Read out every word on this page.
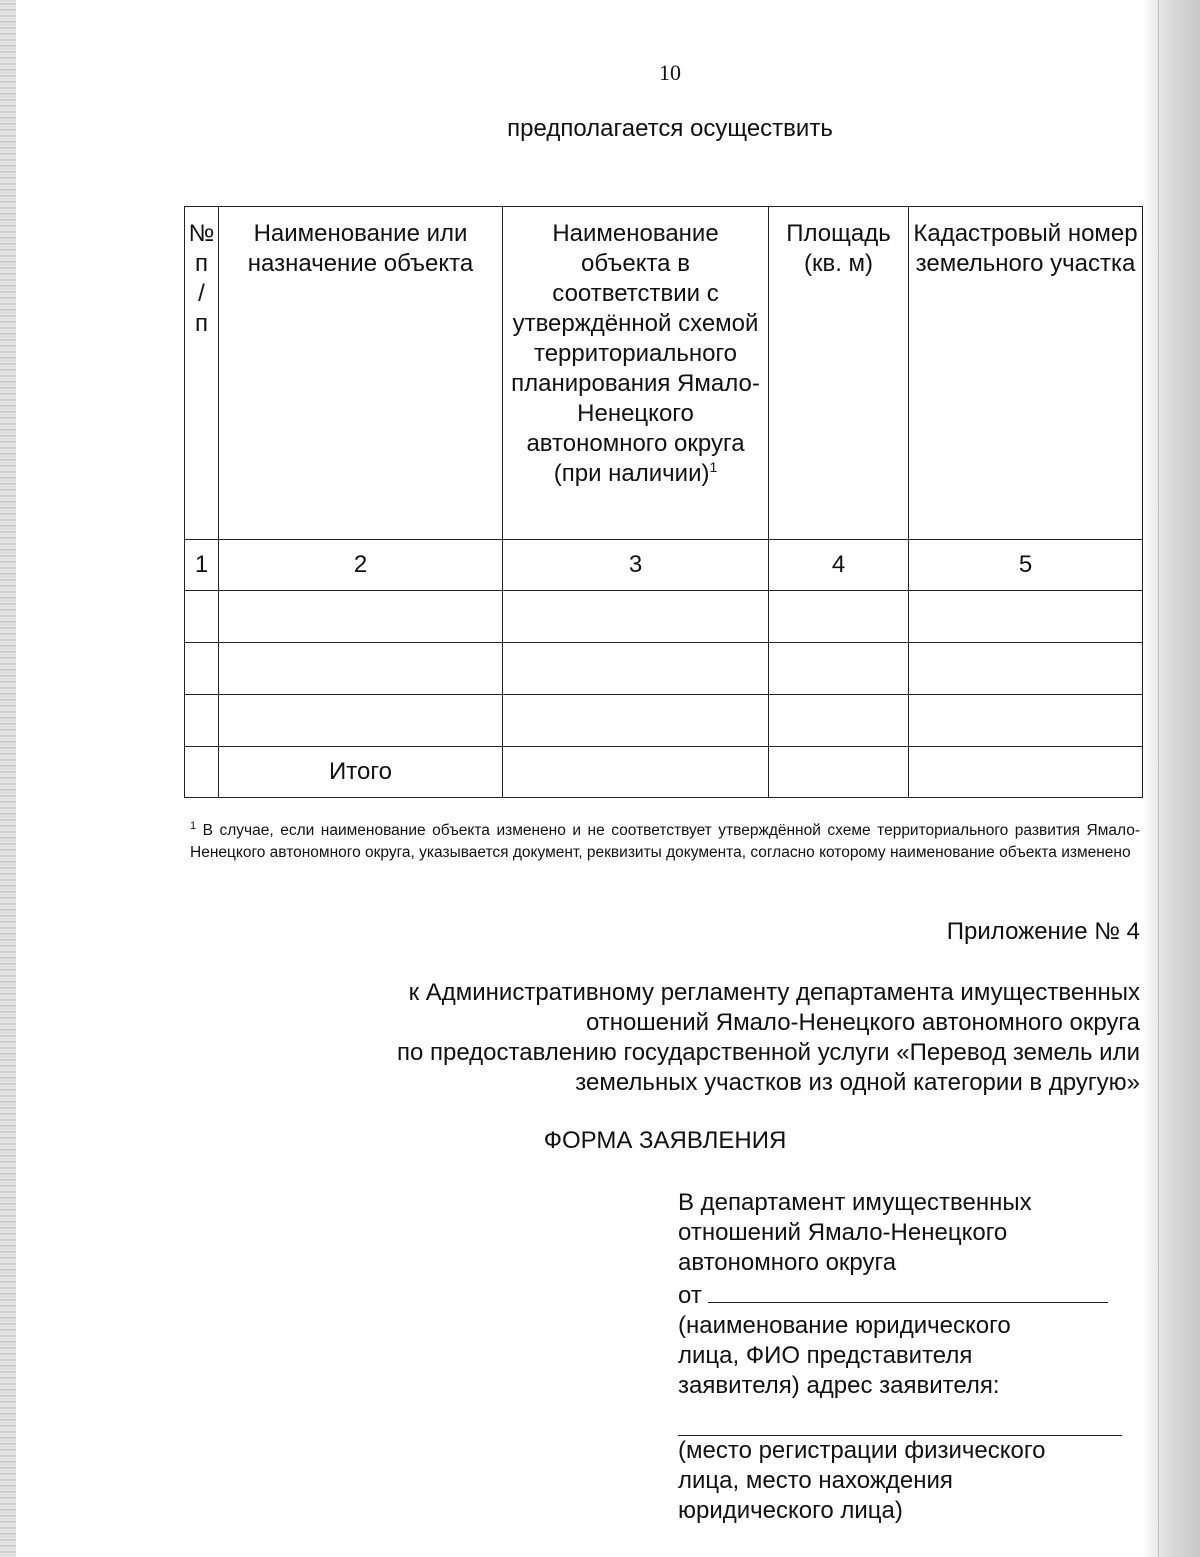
10
предполагается осуществить
№
п
/
п	Наименование или назначение объекта	Наименование объекта в соответствии с утверждённой схемой территориального планирования Ямало-Ненецкого автономного округа (при наличии)$^1$	Площадь (кв. м)	Кадастровый номер земельного участка
1	2	3	4	5

	Итого			
$^1$ В случае, если наименование объекта изменено и не соответствует утверждённой схеме территориального развития Ямало-Ненецкого автономного округа, указывается документ, реквизиты документа, согласно которому наименование объекта изменено
Приложение № 4
к Административному регламенту департамента имущественных
отношений Ямало-Ненецкого автономного округа
по предоставлению государственной услуги «Перевод земель или
земельных участков из одной категории в другую»
ФОРМА ЗАЯВЛЕНИЯ

В департамент имущественных

отношений Ямало-Ненецкого

автономного округа

от

(наименование юридического

лица, ФИО представителя

заявителя) адрес заявителя:

(место регистрации физического

лица, место нахождения

юридического лица)
